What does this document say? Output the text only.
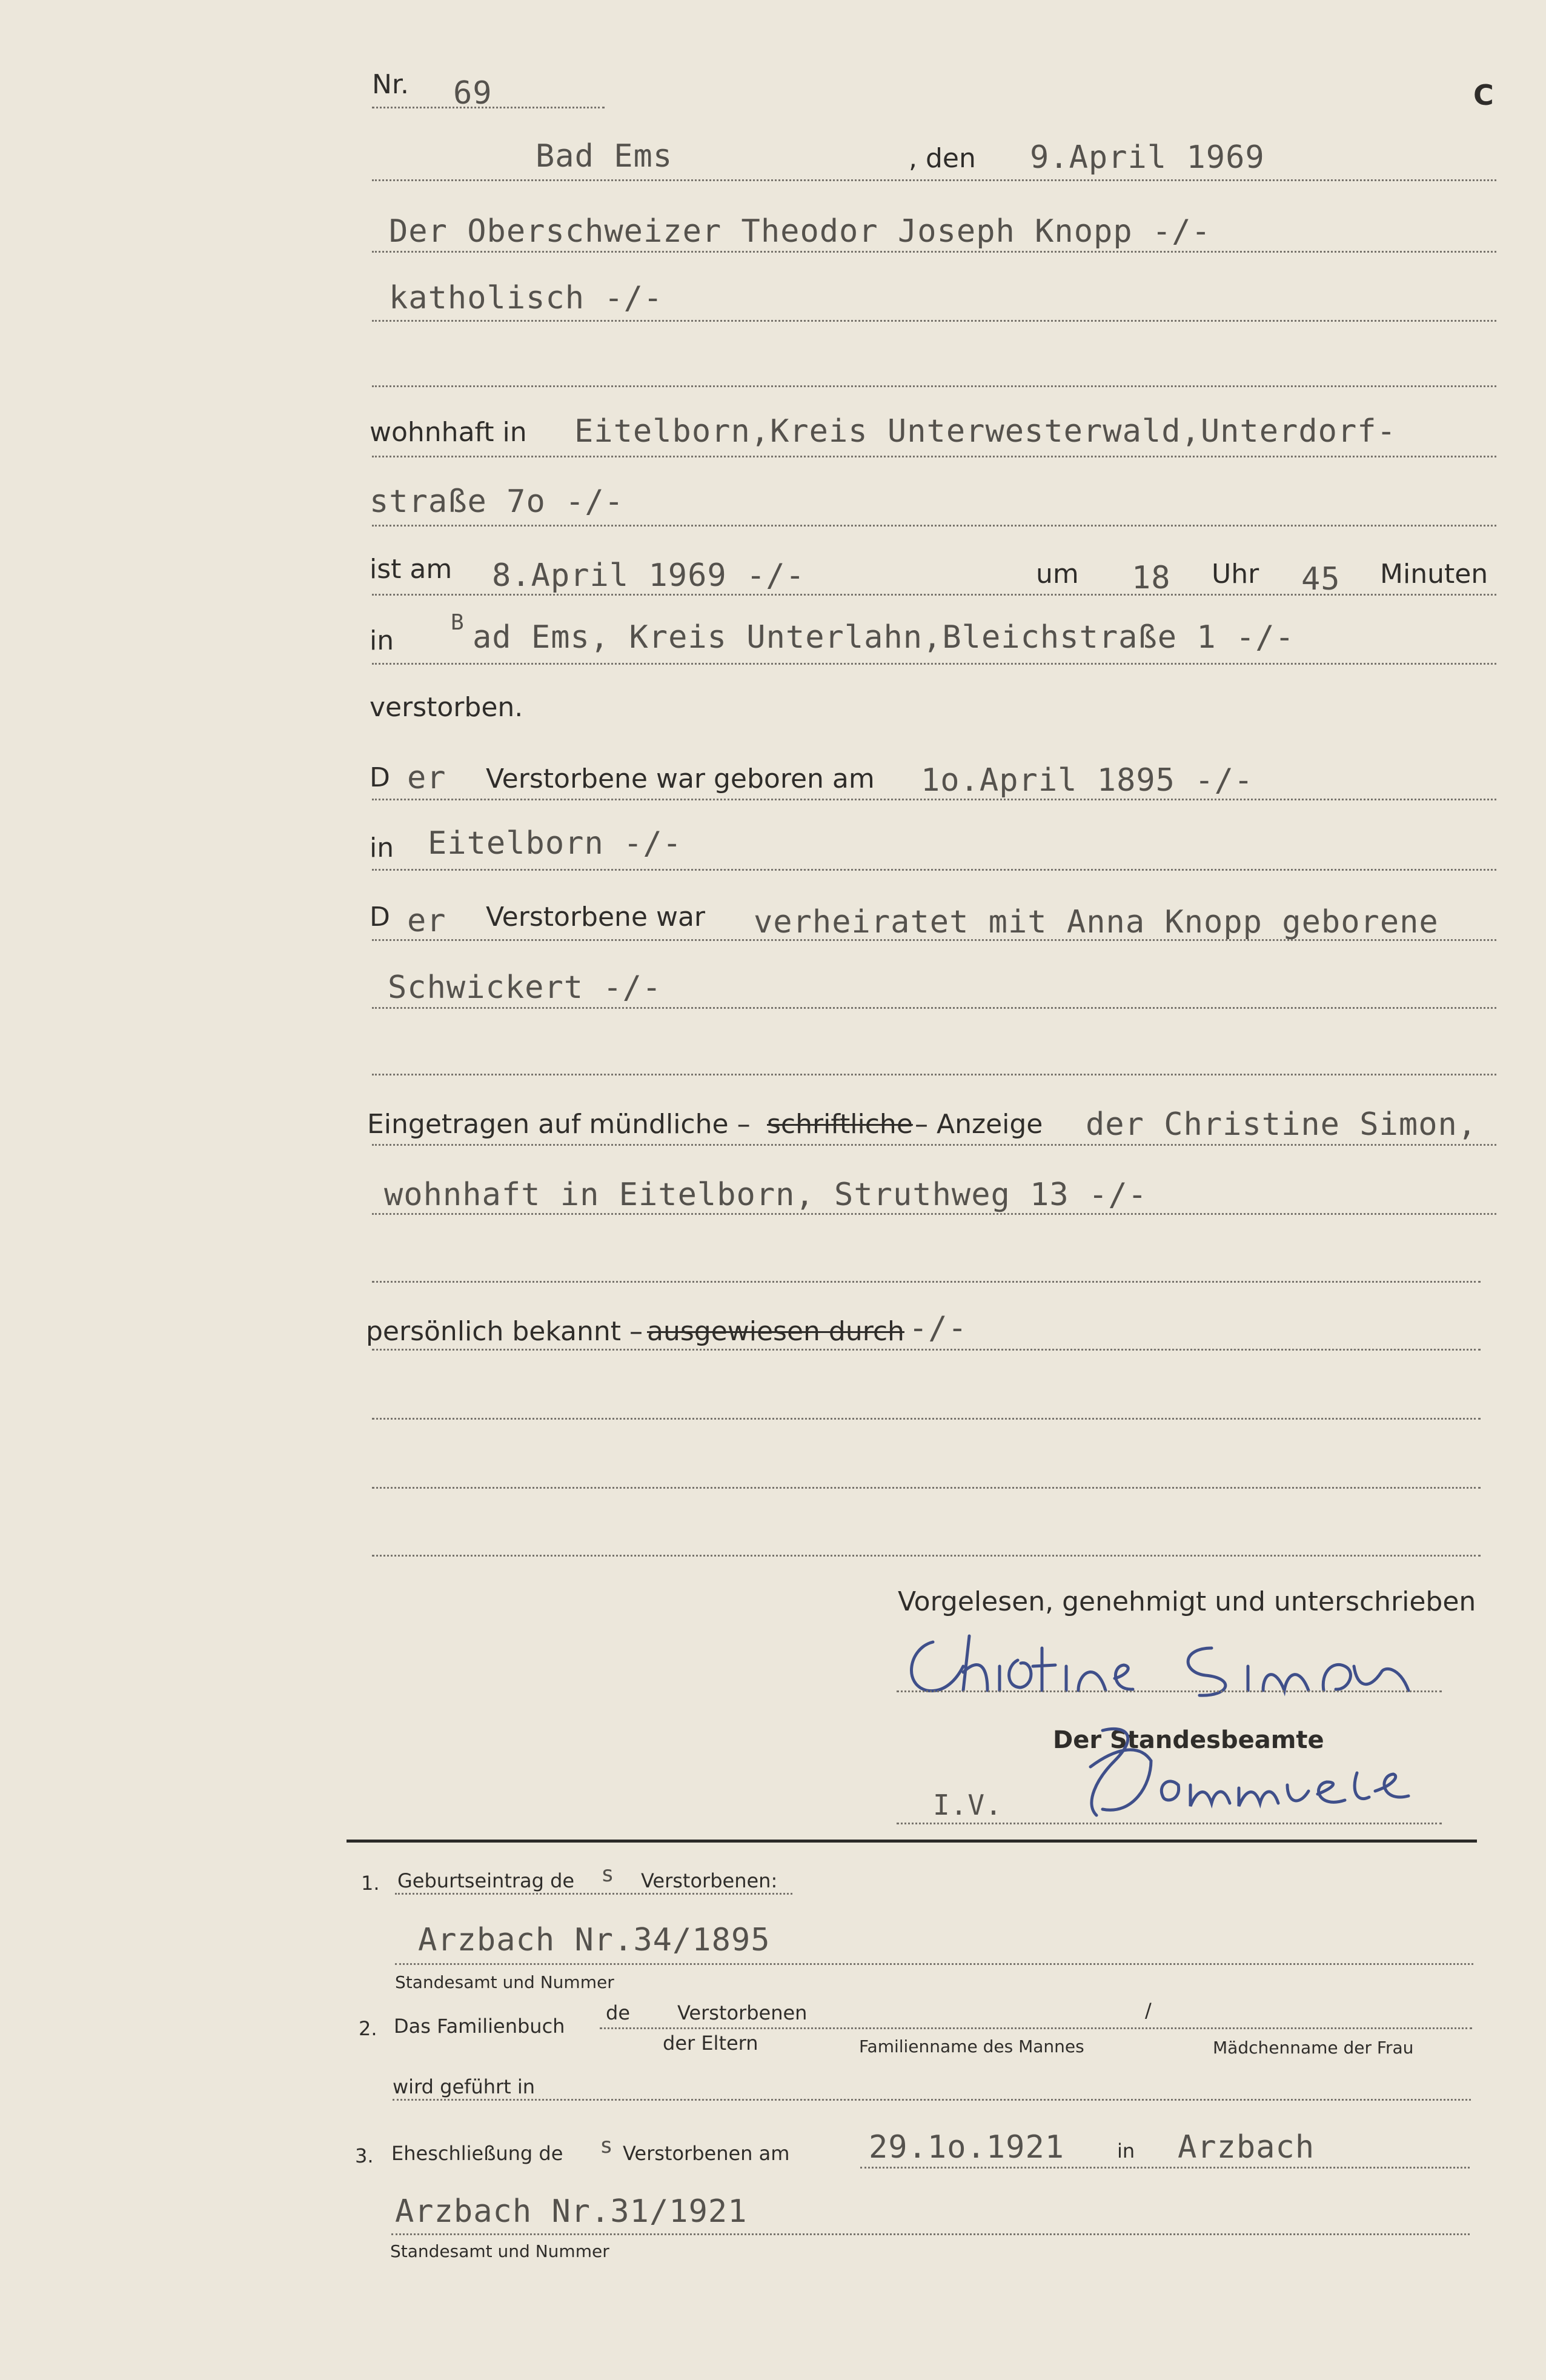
Nr. 69	C
Bad Ems	, den 9.April 1969
Der Oberschweizer Theodor Joseph Knopp -/-
katholisch -/-
wohnhaft in Eitelborn,Kreis Unterwesterwald,Unterdorf-
straße 7o -/-
ist am 8.April 1969 -/-	um 18 Uhr 45 Minuten
in
B ad Ems, Kreis Unterlahn,Bleichstraße 1 -/-
verstorben.
D er Verstorbene war geboren am 1o.April 1895 -/-
in Eitelborn -/-
D er Verstorbene war verheiratet mit Anna Knopp geborene
Schwickert -/-
Eingetragen auf mündliche – schriftliche – Anzeige der Christine Simon,
wohnhaft in Eitelborn, Struthweg 13 -/-
persönlich bekannt – ausgewiesen durch -/-
Vorgelesen, genehmigt und unterschrieben
Der Standesbeamte
I.V.
1. Geburtseintrag de s Verstorbenen:
Arzbach Nr.34/1895
Standesamt und Nummer
2. Das Familienbuch
de Verstorbenen	/
der Eltern	Familienname des Mannes	Mädchenname der Frau
wird geführt in
3. Eheschließung de s Verstorbenen am	29.1o.1921	in Arzbach
Arzbach Nr.31/1921
Standesamt und Nummer
